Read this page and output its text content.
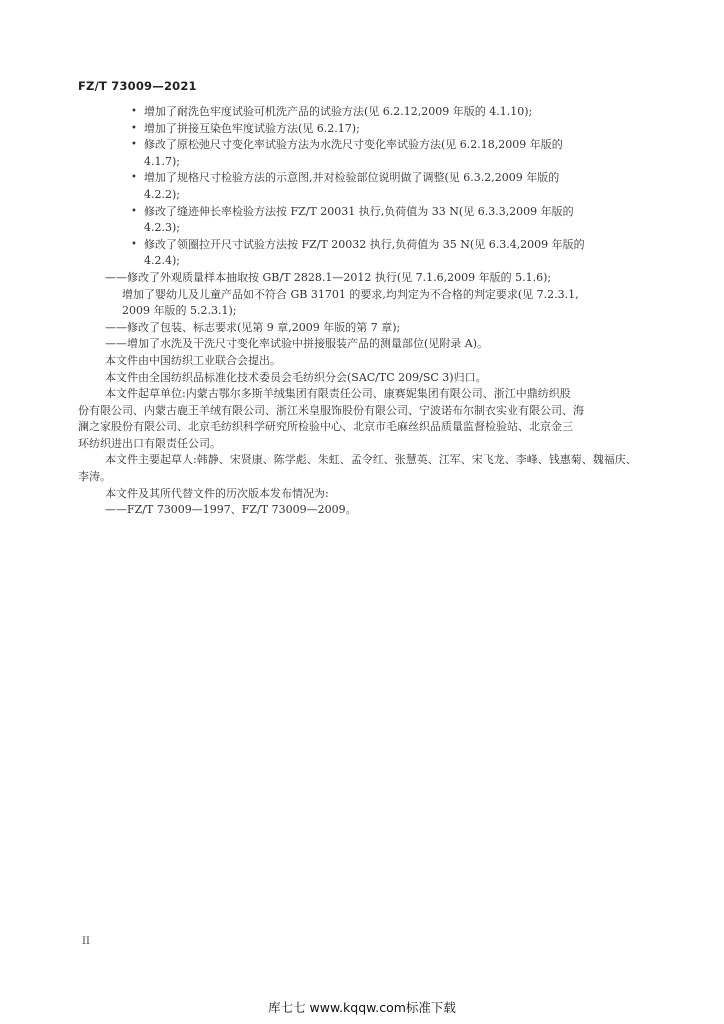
FZ/T 73009—2021
• 增加了耐洗色牢度试验可机洗产品的试验方法(见 6.2.12,2009 年版的 4.1.10);
• 增加了拼接互染色牢度试验方法(见 6.2.17);
• 修改了原松弛尺寸变化率试验方法为水洗尺寸变化率试验方法(见 6.2.18,2009 年版的
4.1.7);
• 增加了规格尺寸检验方法的示意图,并对检验部位说明做了调整(见 6.3.2,2009 年版的
4.2.2);
• 修改了缝迹伸长率检验方法按 FZ/T 20031 执行,负荷值为 33 N(见 6.3.3,2009 年版的
4.2.3);
• 修改了领圈拉开尺寸试验方法按 FZ/T 20032 执行,负荷值为 35 N(见 6.3.4,2009 年版的
4.2.4);
——修改了外观质量样本抽取按 GB/T 2828.1—2012 执行(见 7.1.6,2009 年版的 5.1.6);
增加了婴幼儿及儿童产品如不符合 GB 31701 的要求,均判定为不合格的判定要求(见 7.2.3.1,
2009 年版的 5.2.3.1);
——修改了包装、标志要求(见第 9 章,2009 年版的第 7 章);
——增加了水洗及干洗尺寸变化率试验中拼接服装产品的测量部位(见附录 A)。
本文件由中国纺织工业联合会提出。
本文件由全国纺织品标准化技术委员会毛纺织分会(SAC/TC 209/SC 3)归口。
本文件起草单位:内蒙古鄂尔多斯羊绒集团有限责任公司、康赛妮集团有限公司、浙江中鼎纺织股
份有限公司、内蒙古鹿王羊绒有限公司、浙江米皇服饰股份有限公司、宁波诺布尔制衣实业有限公司、海
澜之家股份有限公司、北京毛纺织科学研究所检验中心、北京市毛麻丝织品质量监督检验站、北京金三
环纺织进出口有限责任公司。
本文件主要起草人:韩静、宋贤康、陈学彪、朱虹、孟令红、张慧英、江军、宋飞龙、李峰、钱惠菊、魏福庆、
李涛。
本文件及其所代替文件的历次版本发布情况为:
——FZ/T 73009—1997、FZ/T 73009—2009。
II
库七七 www.kqqw.com标准下载
